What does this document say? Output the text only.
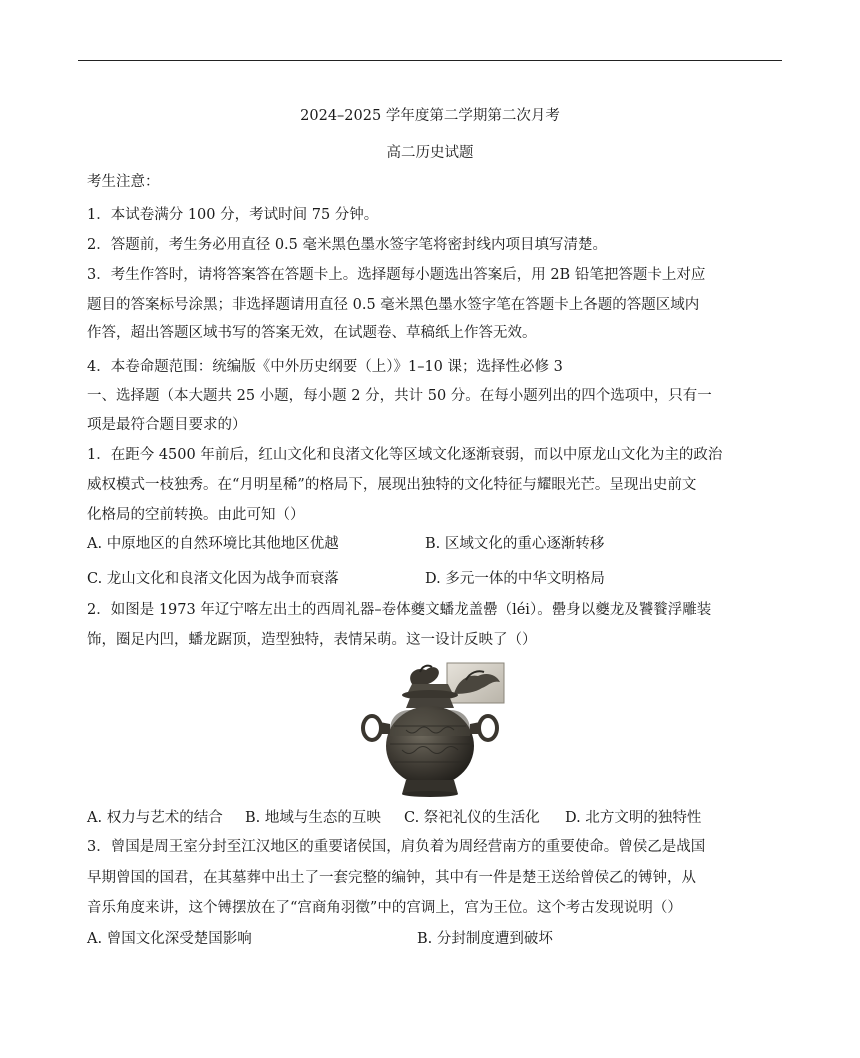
2024–2025 学年度第二学期第二次月考
高二历史试题
考生注意：
1．本试卷满分 100 分，考试时间 75 分钟。
2．答题前，考生务必用直径 0.5 毫米黑色墨水签字笔将密封线内项目填写清楚。
3．考生作答时，请将答案答在答题卡上。选择题每小题选出答案后，用 2B 铅笔把答题卡上对应
题目的答案标号涂黑；非选择题请用直径 0.5 毫米黑色墨水签字笔在答题卡上各题的答题区域内
作答，超出答题区域书写的答案无效，在试题卷、草稿纸上作答无效。
4．本卷命题范围：统编版《中外历史纲要（上）》1–10 课；选择性必修 3
一、选择题（本大题共 25 小题，每小题 2 分，共计 50 分。在每小题列出的四个选项中，只有一
项是最符合题目要求的）
1．在距今 4500 年前后，红山文化和良渚文化等区域文化逐渐衰弱，而以中原龙山文化为主的政治
威权模式一枝独秀。在“月明星稀”的格局下，展现出独特的文化特征与耀眼光芒。呈现出史前文
化格局的空前转换。由此可知（）
A. 中原地区的自然环境比其他地区优越	B. 区域文化的重心逐渐转移
C. 龙山文化和良渚文化因为战争而衰落	D. 多元一体的中华文明格局
2．如图是 1973 年辽宁喀左出土的西周礼器–卷体夔文蟠龙盖罍（léi）。罍身以夔龙及饕餮浮雕装
饰，圈足内凹，蟠龙踞顶，造型独特，表情呆萌。这一设计反映了（）
A. 权力与艺术的结合 B. 地域与生态的互映 C. 祭祀礼仪的生活化 D. 北方文明的独特性
3．曾国是周王室分封至江汉地区的重要诸侯国，肩负着为周经营南方的重要使命。曾侯乙是战国
早期曾国的国君，在其墓葬中出土了一套完整的编钟，其中有一件是楚王送给曾侯乙的镈钟，从
音乐角度来讲，这个镈摆放在了“宫商角羽徵”中的宫调上，宫为王位。这个考古发现说明（）
A. 曾国文化深受楚国影响	B. 分封制度遭到破坏
